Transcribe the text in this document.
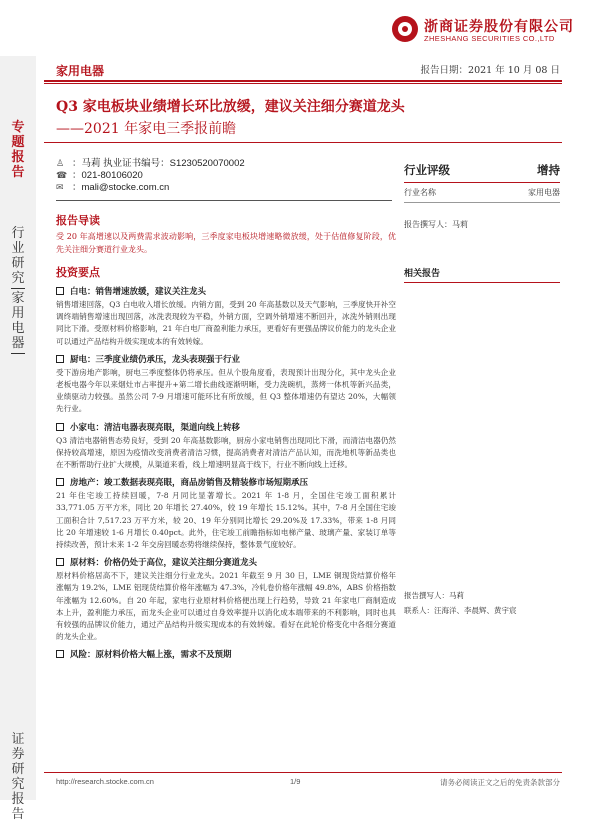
浙商证券股份有限公司
ZHESHANG SECURITIES CO.,LTD
专题报告
行业研究
家用电器
证券研究报告
家用电器	报告日期：2021 年 10 月 08 日
Q3 家电板块业绩增长环比放缓，建议关注细分赛道龙头
——2021 年家电三季报前瞻
♙ ：马莉 执业证书编号：S1230520070002
☎ ：021-80106020
✉ ：mali@stocke.com.cn
行业评级	增持
行业名称	家用电器
报告撰写人：马莉
相关报告
报告撰写人：马莉
联系人：汪海洋、李晨辉、黄宇宸
报告导读
受 20 年高增速以及两费需求波动影响，三季度家电板块增速略微放缓，处于估值修复阶段，优先关注细分赛道行业龙头。
投资要点
白电：销售增速放缓，建议关注龙头
销售增速回落，Q3 白电收入增长放缓。内销方面，受到 20 年高基数以及天气影响，三季度快开补空调终端销售增速出现回落，冰洗表现较为平稳，外销方面，空调外销增速不断回升，冰洗外销则出现同比下滑。受原材料价格影响，21 年白电厂商盈利能力承压，更看好有更强品牌议价能力的龙头企业可以通过产品结构升级实现成本的有效转嫁。
厨电：三季度业绩仍承压，龙头表现强于行业
受下游房地产影响，厨电三季度整体仍将承压。但从个股角度看，表现预计出现分化，其中龙头企业老板电器今年以来烟灶市占率提升+第二增长曲线逐渐明晰，受力洗碗机，蒸烤一体机等新兴品类，业绩驱动力较强。虽然公司 7-9 月增速可能环比有所放缓，但 Q3 整体增速仍有望达 20%，大幅领先行业。
小家电：清洁电器表现亮眼，渠道向线上转移
Q3 清洁电器销售态势良好，受到 20 年高基数影响，厨房小家电销售出现同比下滑，而清洁电器仍然保持较高增速，原因为疫情改变消费者清洁习惯，提高消费者对清洁产品认知，而洗地机等新品类也在不断帮助行业扩大规模，从渠道来看，线上增速明显高于线下，行业不断向线上迁移。
房地产：竣工数据表现亮眼，商品房销售及精装修市场短期承压
21 年住宅竣工持续回暖，7-8 月同比显著增长。2021 年 1-8 月，全国住宅竣工面积累计 33,771.05 万平方米，同比 20 年增长 27.40%，较 19 年增长 15.12%。其中，7-8 月全国住宅竣工面积合计 7,517.23 万平方米，较 20、19 年分别同比增长 29.20%及 17.33%，带来 1-8 月同比 20 年增速较 1-6 月增长 0.40pct。此外，住宅竣工前瞻指标如电梯产量、玻璃产量、家装订单等持续改善，预计未来 1-2 年交房回暖态势将继续保持，整体景气度较好。
原材料：价格仍处于高位，建议关注细分赛道龙头
原材料价格居高不下，建议关注细分行业龙头。2021 年截至 9 月 30 日，LME 铜现货结算价格年涨幅为 19.2%，LME 铝现货结算价格年涨幅为 47.3%，冷轧卷价格年涨幅 49.8%，ABS 价格指数年涨幅为 12.60%。自 20 年起，家电行业原材料价格便出现上行趋势，导致 21 年家电厂商制造成本上升，盈利能力承压，而龙头企业可以通过自身效率提升以消化成本端带来的不利影响，同时也具有较强的品牌议价能力，通过产品结构升级实现成本的有效转嫁。看好在此轮价格变化中各细分赛道的龙头企业。
风险：原材料价格大幅上涨，需求不及预期
http://research.stocke.com.cn	1/9	请务必阅读正文之后的免责条款部分
